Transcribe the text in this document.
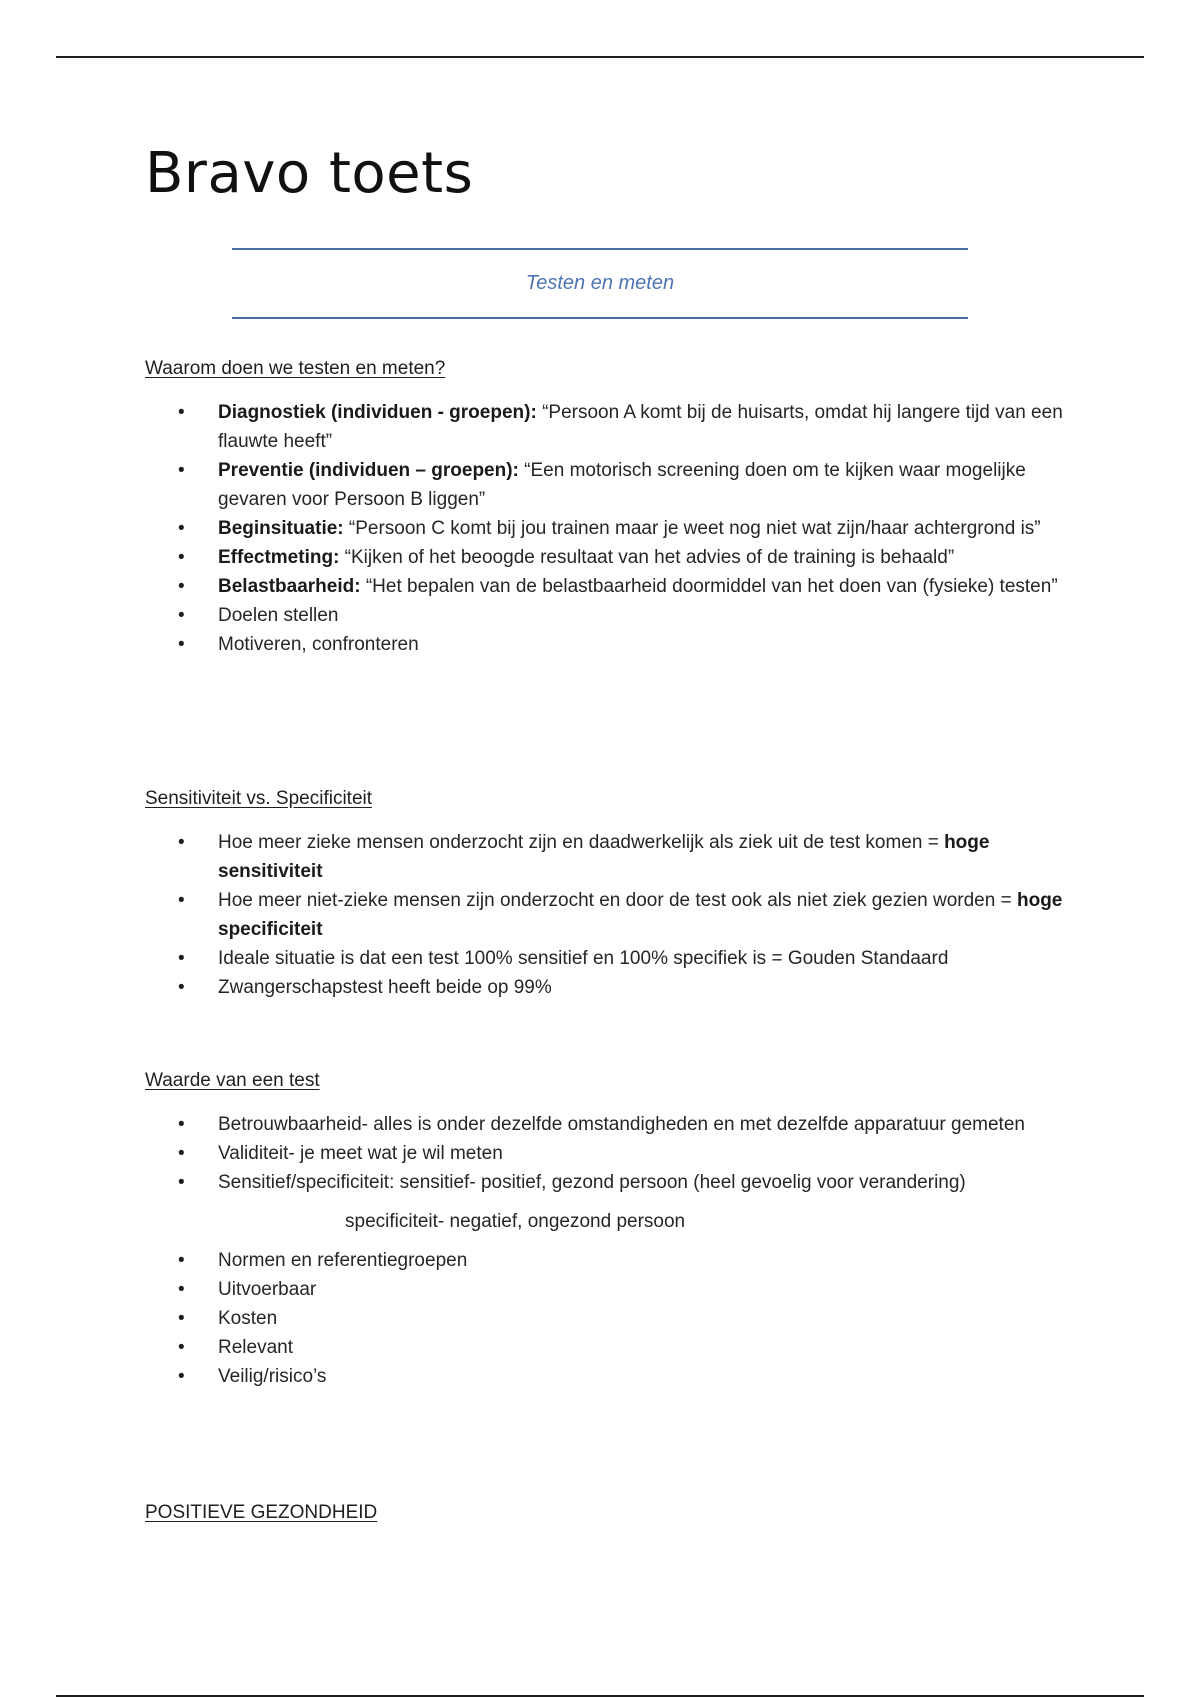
Bravo toets
Testen en meten
Waarom doen we testen en meten?
• Diagnostiek (individuen - groepen): “Persoon A komt bij de huisarts, omdat hij langere tijd van een flauwte heeft”
• Preventie (individuen – groepen): “Een motorisch screening doen om te kijken waar mogelijke gevaren voor Persoon B liggen”
• Beginsituatie: “Persoon C komt bij jou trainen maar je weet nog niet wat zijn/haar achtergrond is”
• Effectmeting: “Kijken of het beoogde resultaat van het advies of de training is behaald”
• Belastbaarheid: “Het bepalen van de belastbaarheid doormiddel van het doen van (fysieke) testen”
• Doelen stellen
• Motiveren, confronteren
Sensitiviteit vs. Specificiteit
• Hoe meer zieke mensen onderzocht zijn en daadwerkelijk als ziek uit de test komen = hoge sensitiviteit
• Hoe meer niet-zieke mensen zijn onderzocht en door de test ook als niet ziek gezien worden = hoge specificiteit
• Ideale situatie is dat een test 100% sensitief en 100% specifiek is = Gouden Standaard
• Zwangerschapstest heeft beide op 99%
Waarde van een test
• Betrouwbaarheid- alles is onder dezelfde omstandigheden en met dezelfde apparatuur gemeten
• Validiteit- je meet wat je wil meten
• Sensitief/specificiteit: sensitief- positief, gezond persoon (heel gevoelig voor verandering)
specificiteit- negatief, ongezond persoon
• Normen en referentiegroepen
• Uitvoerbaar
• Kosten
• Relevant
• Veilig/risico’s
POSITIEVE GEZONDHEID
